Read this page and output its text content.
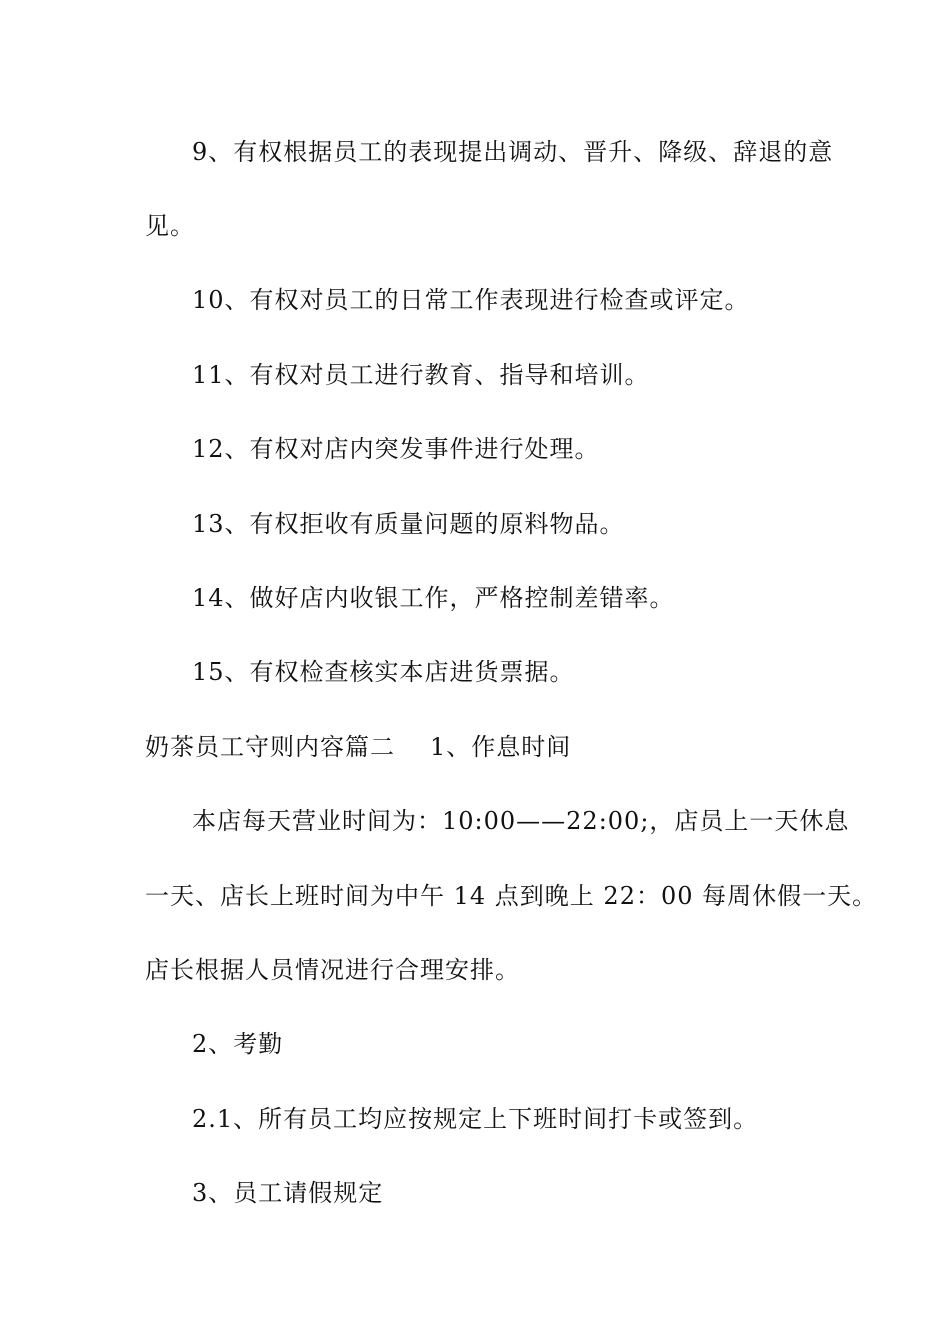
9、有权根据员工的表现提出调动、晋升、降级、辞退的意
见。
10、有权对员工的日常工作表现进行检查或评定。
11、有权对员工进行教育、指导和培训。
12、有权对店内突发事件进行处理。
13、有权拒收有质量问题的原料物品。
14、做好店内收银工作，严格控制差错率。
15、有权检查核实本店进货票据。
奶茶员工守则内容篇二 1、作息时间
本店每天营业时间为：10:00——22:00;，店员上一天休息
一天、店长上班时间为中午 14 点到晚上 22：00 每周休假一天。
店长根据人员情况进行合理安排。
2、考勤
2.1、所有员工均应按规定上下班时间打卡或签到。
3、员工请假规定
